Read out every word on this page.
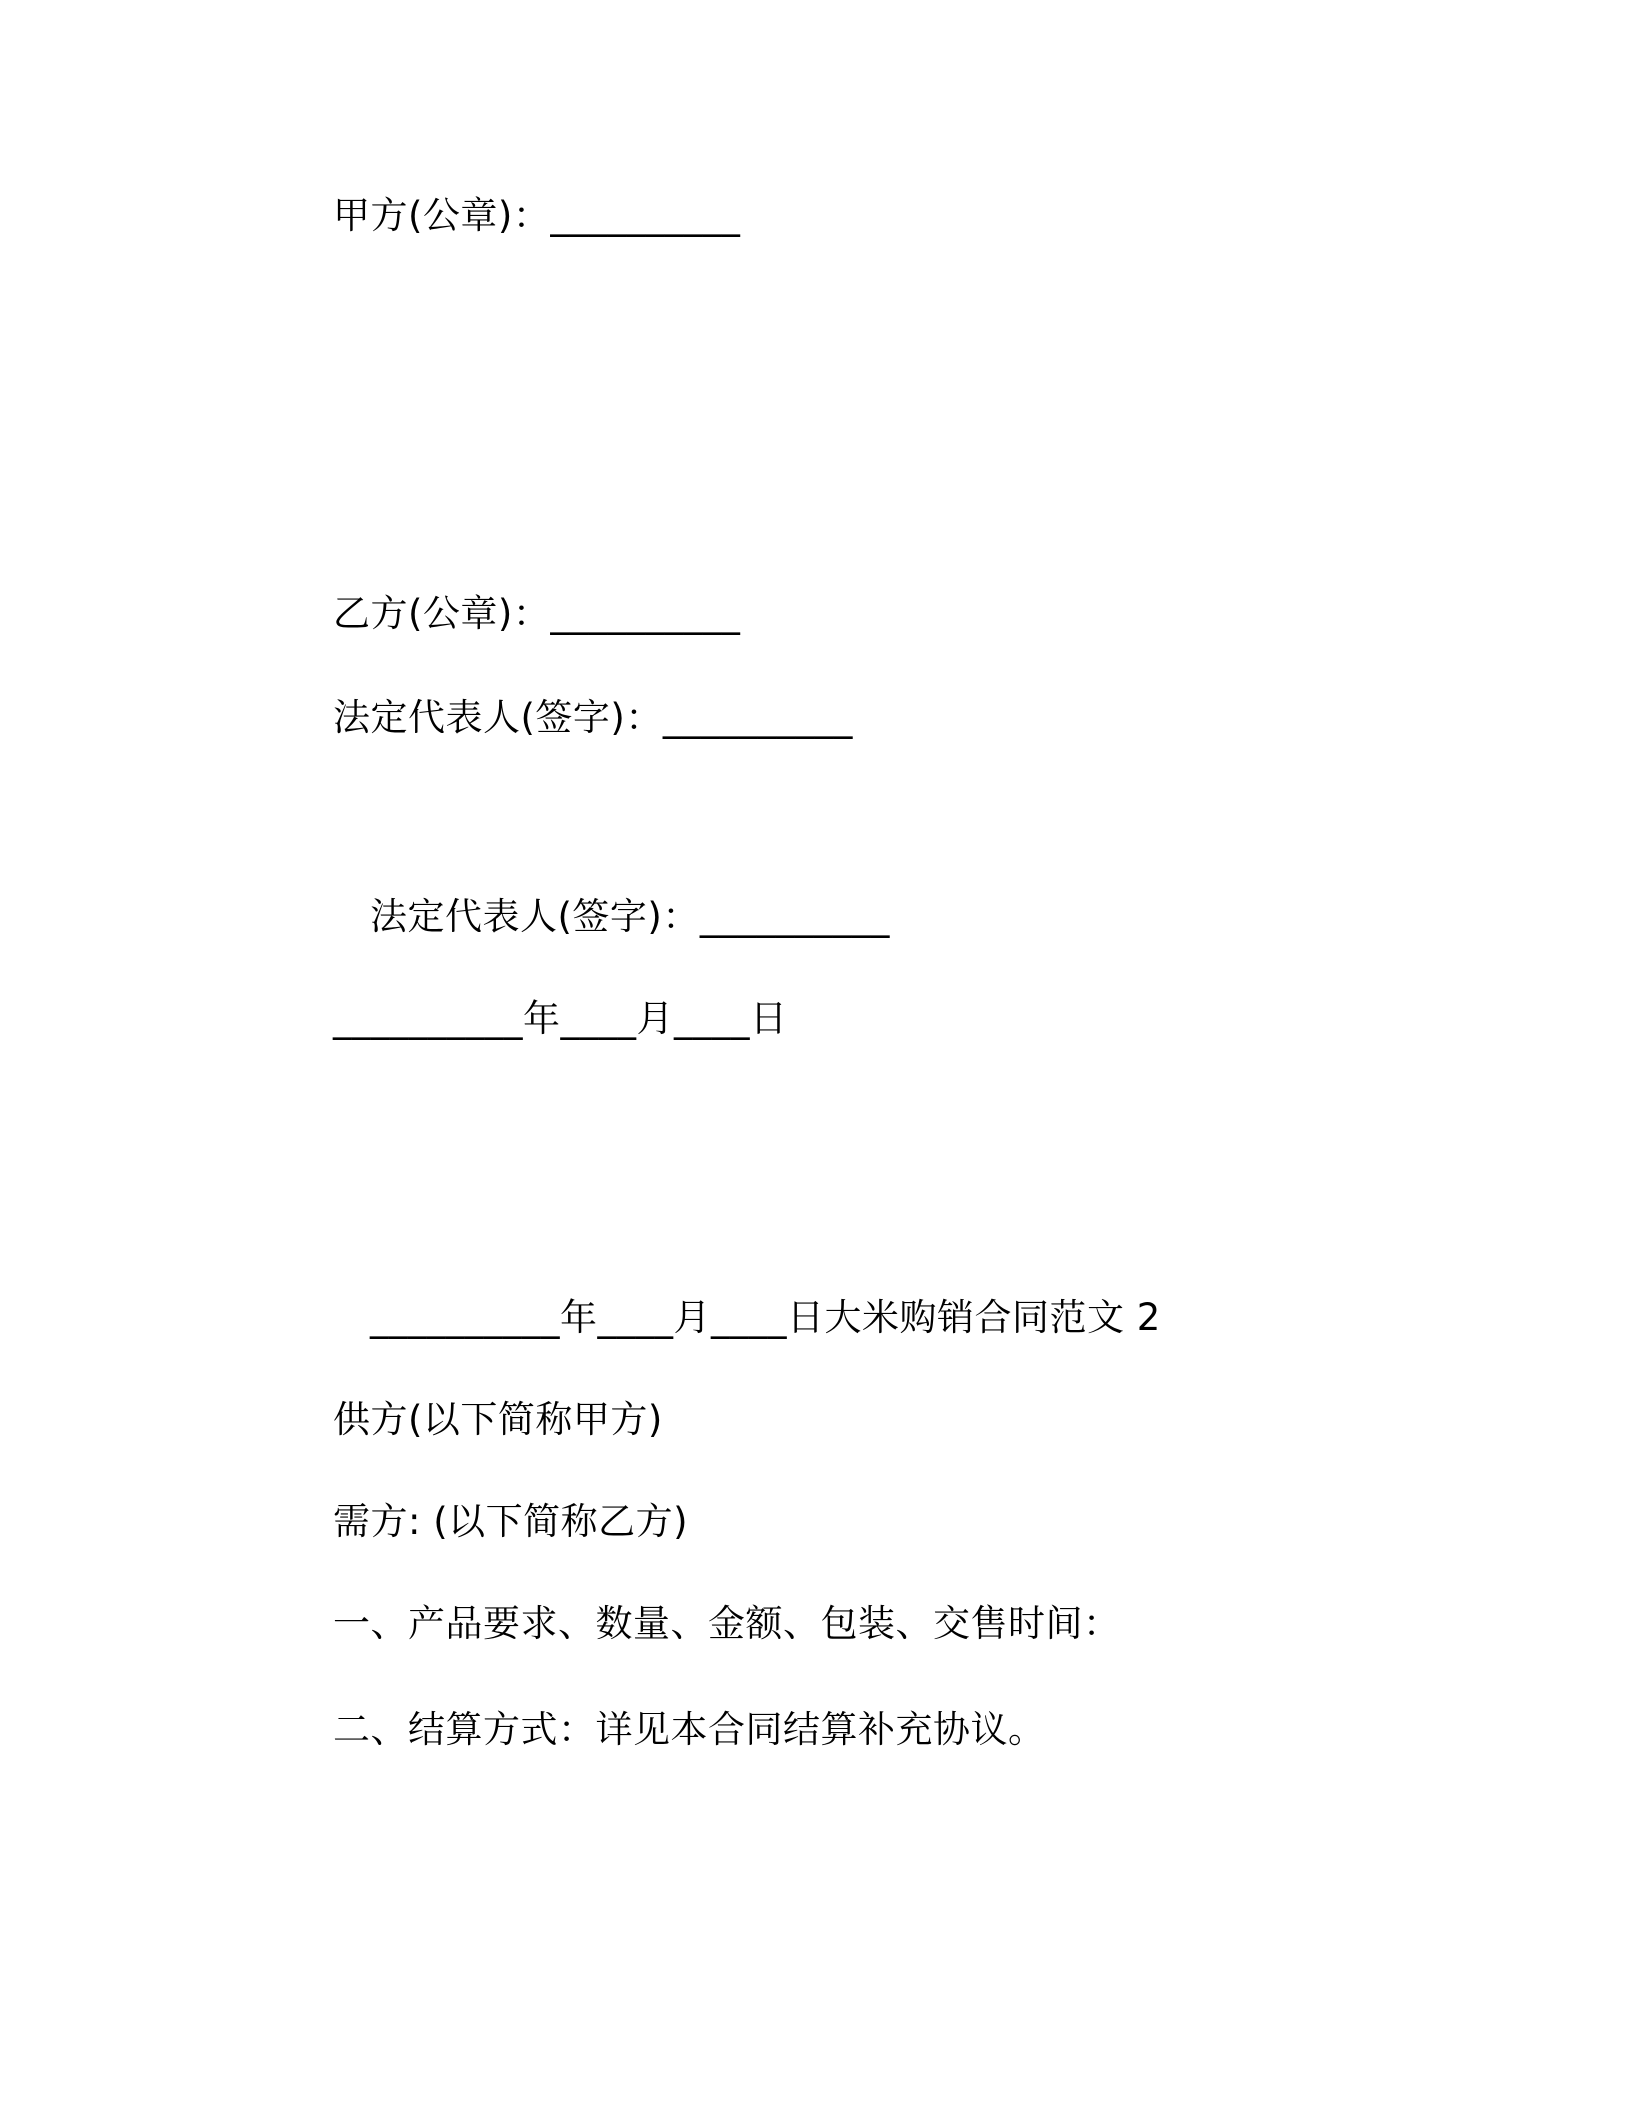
甲方(公章)：__________
乙方(公章)：__________
法定代表人(签字)：__________
法定代表人(签字)：__________
__________年____月____日
__________年____月____日大米购销合同范文 2
供方(以下简称甲方)
需方: (以下简称乙方)
一、产品要求、数量、金额、包装、交售时间：
二、结算方式：详见本合同结算补充协议。
